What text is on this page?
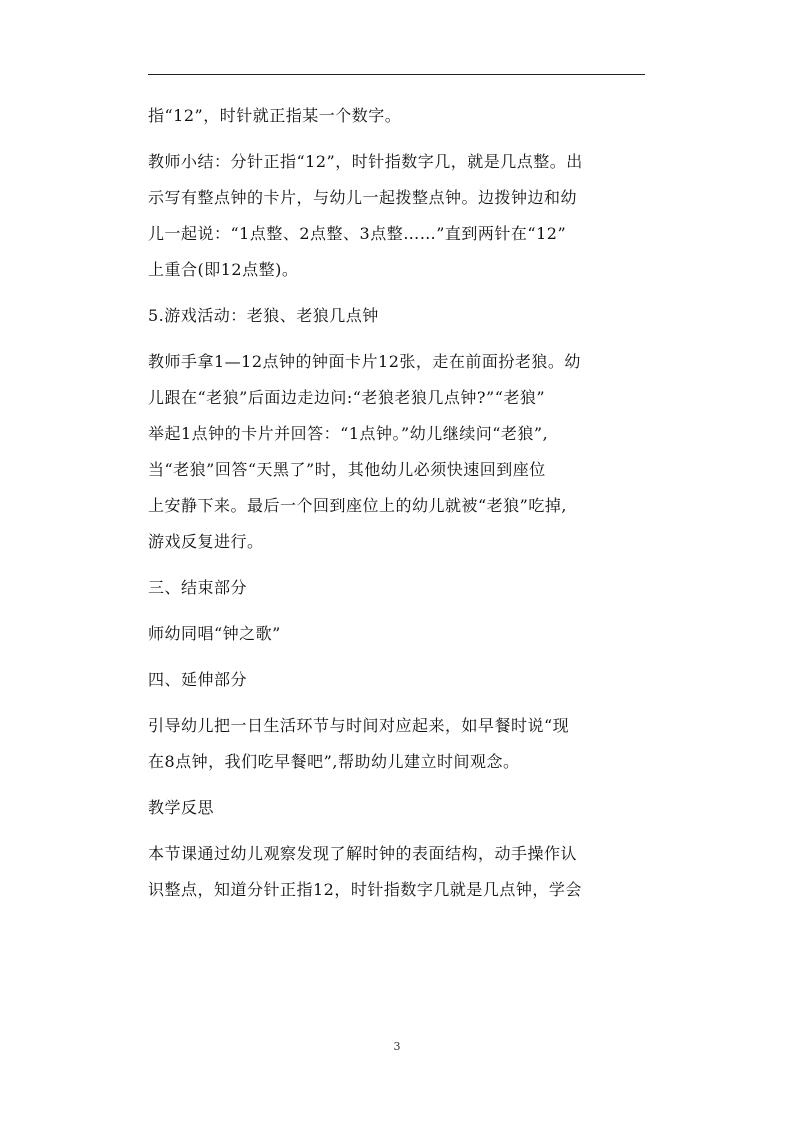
指“12”，时针就正指某一个数字。

教师小结：分针正指“12”，时针指数字几，就是几点整。出
示写有整点钟的卡片，与幼儿一起拨整点钟。边拨钟边和幼
儿一起说：“1点整、2点整、3点整……”直到两针在“12”
上重合(即12点整)。

5.游戏活动：老狼、老狼几点钟

教师手拿1—12点钟的钟面卡片12张，走在前面扮老狼。幼
儿跟在“老狼”后面边走边问:“老狼老狼几点钟?”“老狼”
举起1点钟的卡片并回答：“1点钟。”幼儿继续问“老狼”,
当“老狼”回答“天黑了”时，其他幼儿必须快速回到座位
上安静下来。最后一个回到座位上的幼儿就被“老狼”吃掉,
游戏反复进行。

三、结束部分

师幼同唱“钟之歌”

四、延伸部分

引导幼儿把一日生活环节与时间对应起来，如早餐时说“现
在8点钟，我们吃早餐吧”,帮助幼儿建立时间观念。

教学反思

本节课通过幼儿观察发现了解时钟的表面结构，动手操作认
识整点，知道分针正指12，时针指数字几就是几点钟，学会

3
